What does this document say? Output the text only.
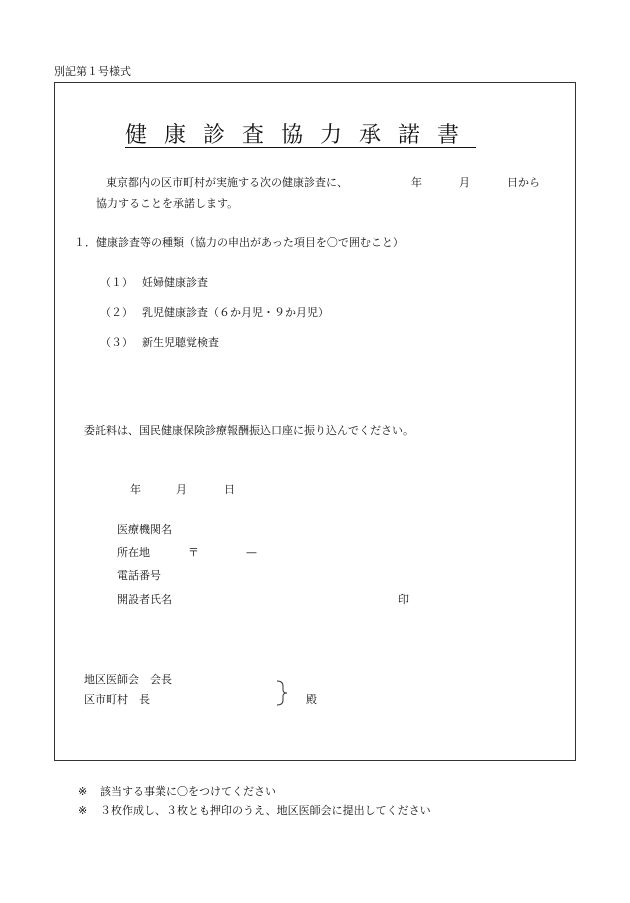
別記第１号様式
健康診査協力承諾書
東京都内の区市町村が実施する次の健康診査に、	年	月	日から
協力することを承諾します。
１．健康診査等の種類（協力の申出があった項目を〇で囲むこと）
（１） 妊婦健康診査
（２） 乳児健康診査（６か月児・９か月児）
（３） 新生児聴覚検査
委託料は、国民健康保険診療報酬振込口座に振り込んでください。
年	月	日
医療機関名
所在地	〒	—
電話番号
開設者氏名	印
地区医師会　会長
区市町村　長	殿
※ 該当する事業に〇をつけてください
※ ３枚作成し、３枚とも押印のうえ、地区医師会に提出してください
